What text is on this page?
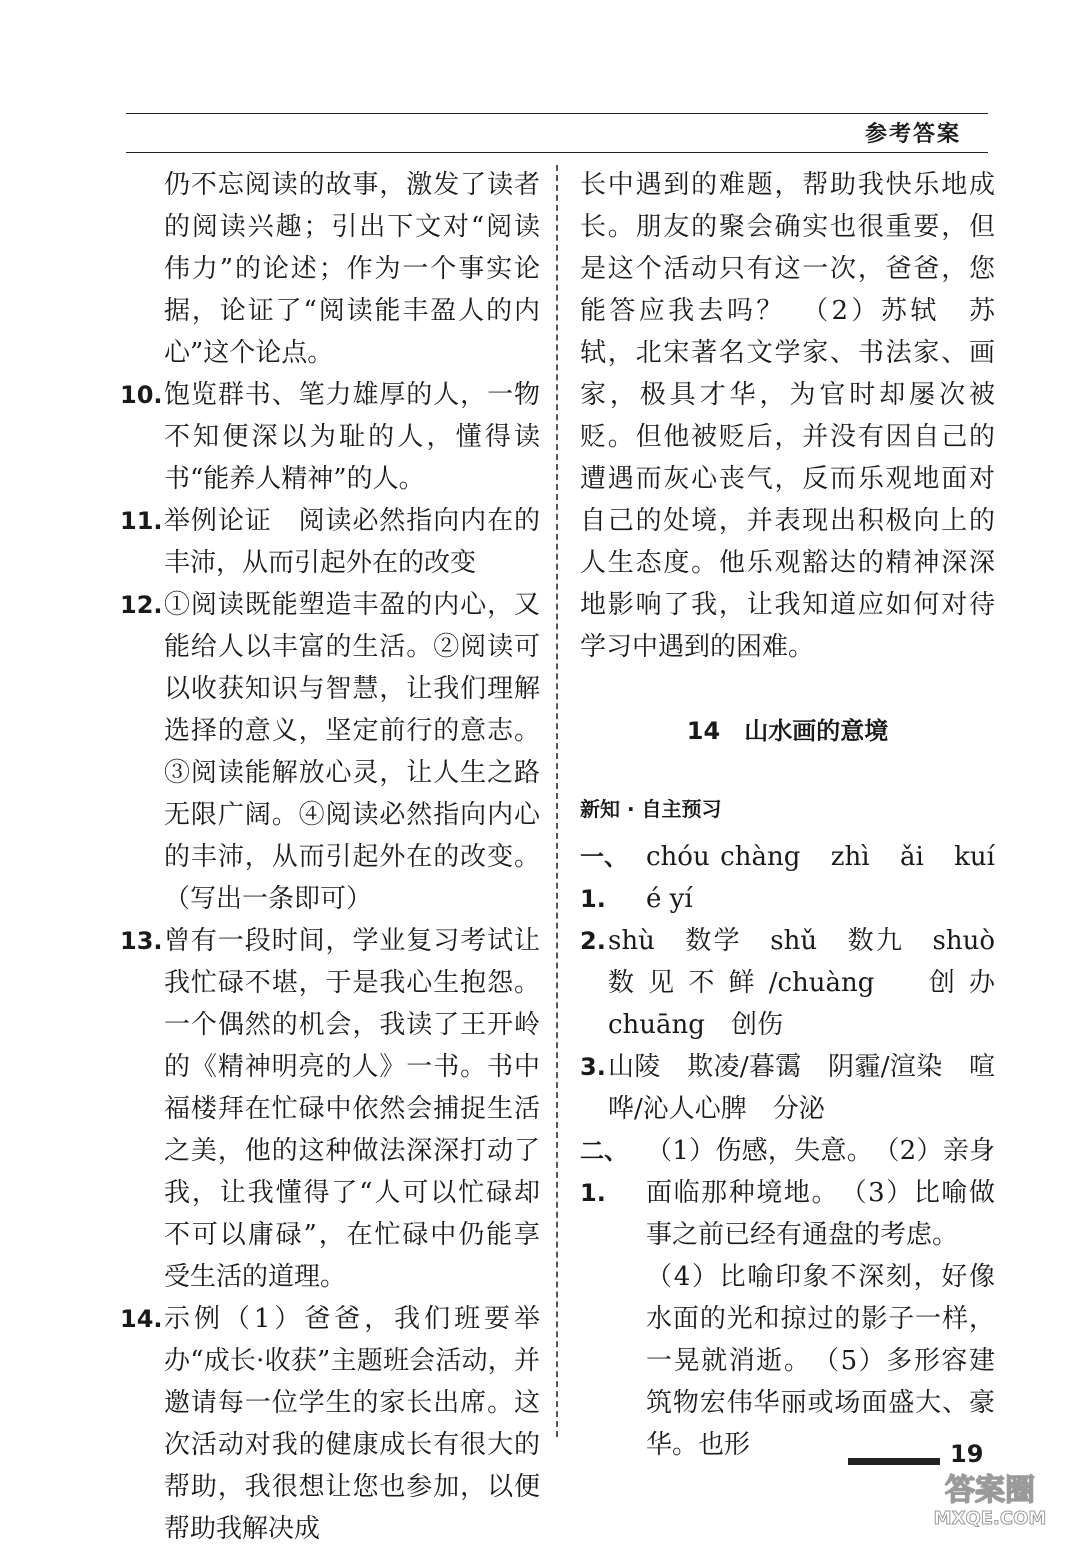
参考答案
仍不忘阅读的故事，激发了读者的阅读兴趣；引出下文对“阅读伟力”的论述；作为一个事实论据，论证了“阅读能丰盈人的内心”这个论点。
10. 饱览群书、笔力雄厚的人，一物不知便深以为耻的人，懂得读书“能养人精神”的人。
11. 举例论证　阅读必然指向内在的丰沛，从而引起外在的改变
12. ①阅读既能塑造丰盈的内心，又能给人以丰富的生活。②阅读可以收获知识与智慧，让我们理解选择的意义，坚定前行的意志。③阅读能解放心灵，让人生之路无限广阔。④阅读必然指向内心的丰沛，从而引起外在的改变。（写出一条即可）
13. 曾有一段时间，学业复习考试让我忙碌不堪，于是我心生抱怨。一个偶然的机会，我读了王开岭的《精神明亮的人》一书。书中福楼拜在忙碌中依然会捕捉生活之美，他的这种做法深深打动了我，让我懂得了“人可以忙碌却不可以庸碌”，在忙碌中仍能享受生活的道理。
14. 示例（1）爸爸，我们班要举办“成长·收获”主题班会活动，并邀请每一位学生的家长出席。这次活动对我的健康成长有很大的帮助，我很想让您也参加，以便帮助我解决成
长中遇到的难题，帮助我快乐地成长。朋友的聚会确实也很重要，但是这个活动只有这一次，爸爸，您能答应我去吗？　（2）苏轼　苏轼，北宋著名文学家、书法家、画家，极具才华，为官时却屡次被贬。但他被贬后，并没有因自己的遭遇而灰心丧气，反而乐观地面对自己的处境，并表现出积极向上的人生态度。他乐观豁达的精神深深地影响了我，让我知道应如何对待学习中遇到的困难。
14　山水画的意境
新知 · 自主预习
一、1.
chóu chàng　zhì　ǎi　kuí　é yí
2. shù　数学　shǔ　数九　shuò 数见不鲜/chuàng　创办　chuāng　创伤
3. 山陵　欺凌/暮霭　阴霾/渲染　喧哗/沁人心脾　分泌
二、1.
（1）伤感，失意。　（2）亲身面临那种境地。　（3）比喻做事之前已经有通盘的考虑。
（4）比喻印象不深刻，好像水面的光和掠过的影子一样，一晃就消逝。　（5）多形容建筑物宏伟华丽或场面盛大、豪华。也形	19
答案圈
MXQE.COM
